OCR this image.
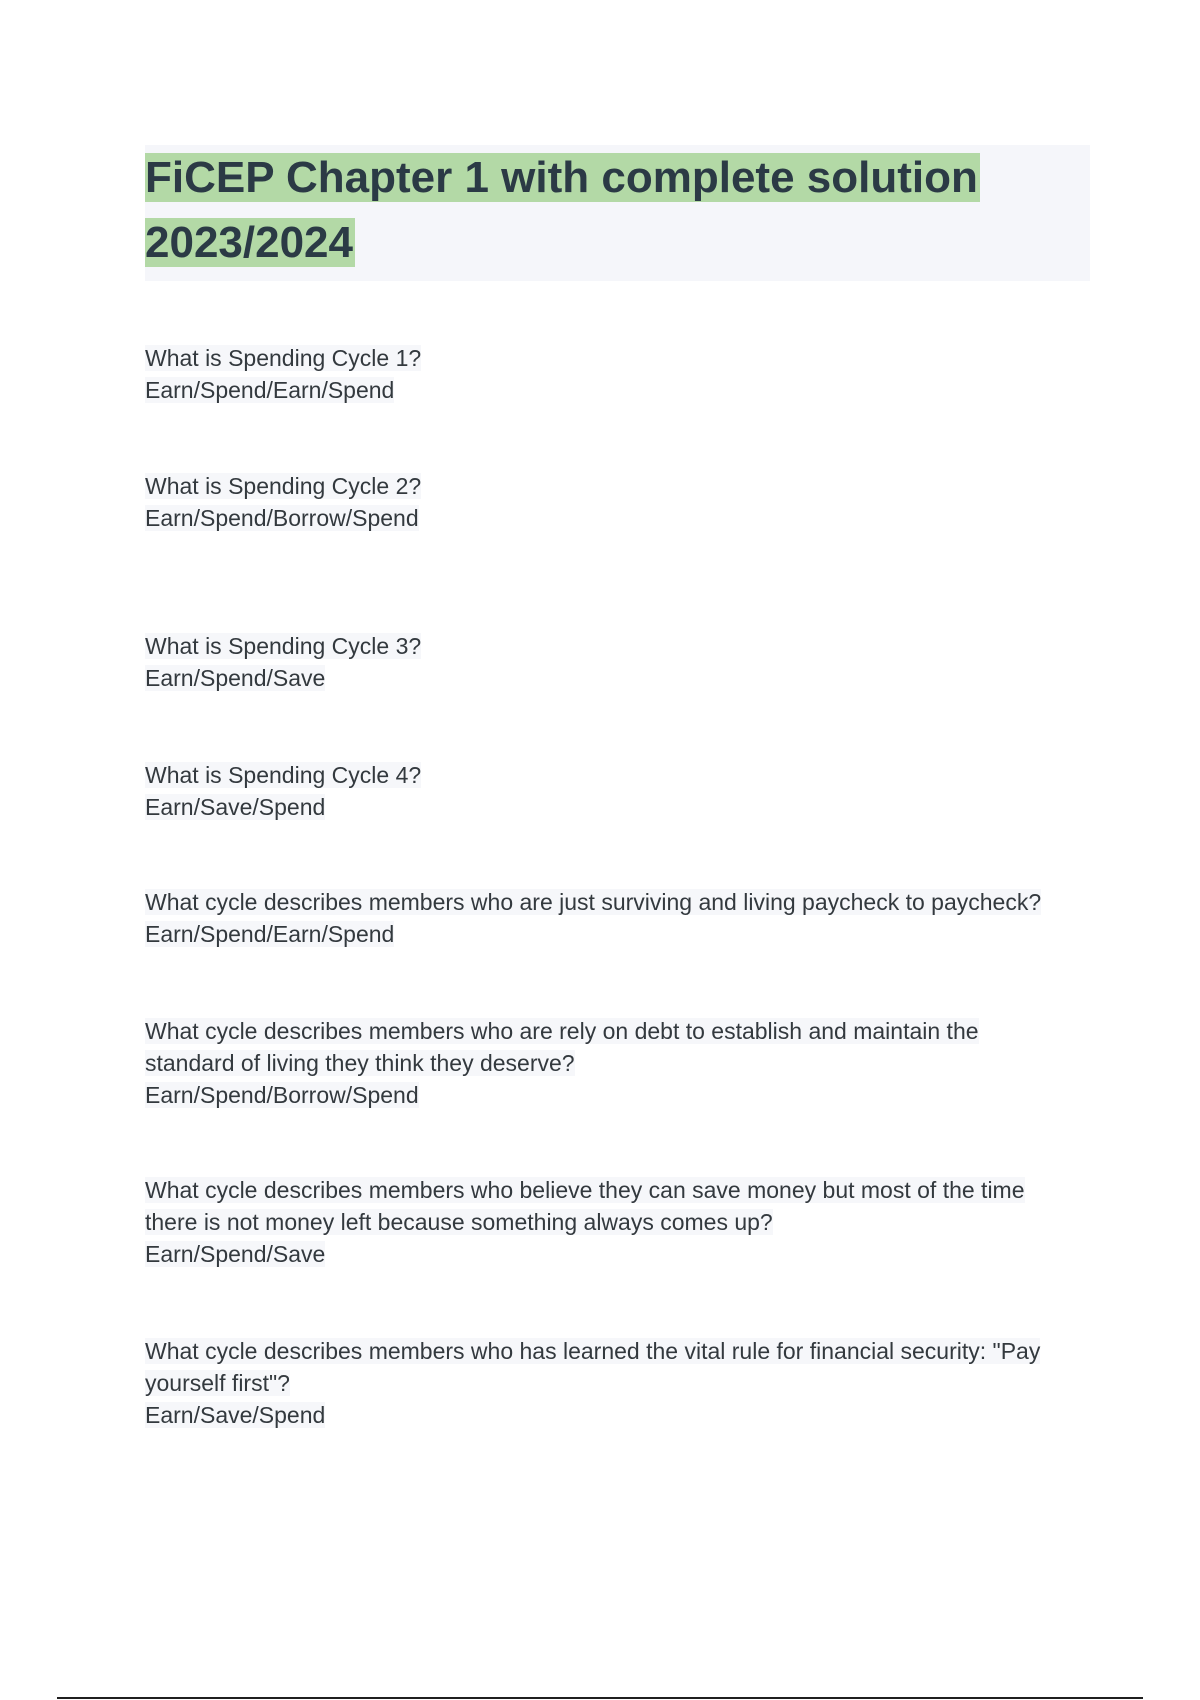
FiCEP Chapter 1 with complete solution
2023/2024
What is Spending Cycle 1?
Earn/Spend/Earn/Spend
What is Spending Cycle 2?
Earn/Spend/Borrow/Spend
What is Spending Cycle 3?
Earn/Spend/Save
What is Spending Cycle 4?
Earn/Save/Spend
What cycle describes members who are just surviving and living paycheck to paycheck?
Earn/Spend/Earn/Spend
What cycle describes members who are rely on debt to establish and maintain the
standard of living they think they deserve?
Earn/Spend/Borrow/Spend
What cycle describes members who believe they can save money but most of the time
there is not money left because something always comes up?
Earn/Spend/Save
What cycle describes members who has learned the vital rule for financial security: "Pay
yourself first"?
Earn/Save/Spend
